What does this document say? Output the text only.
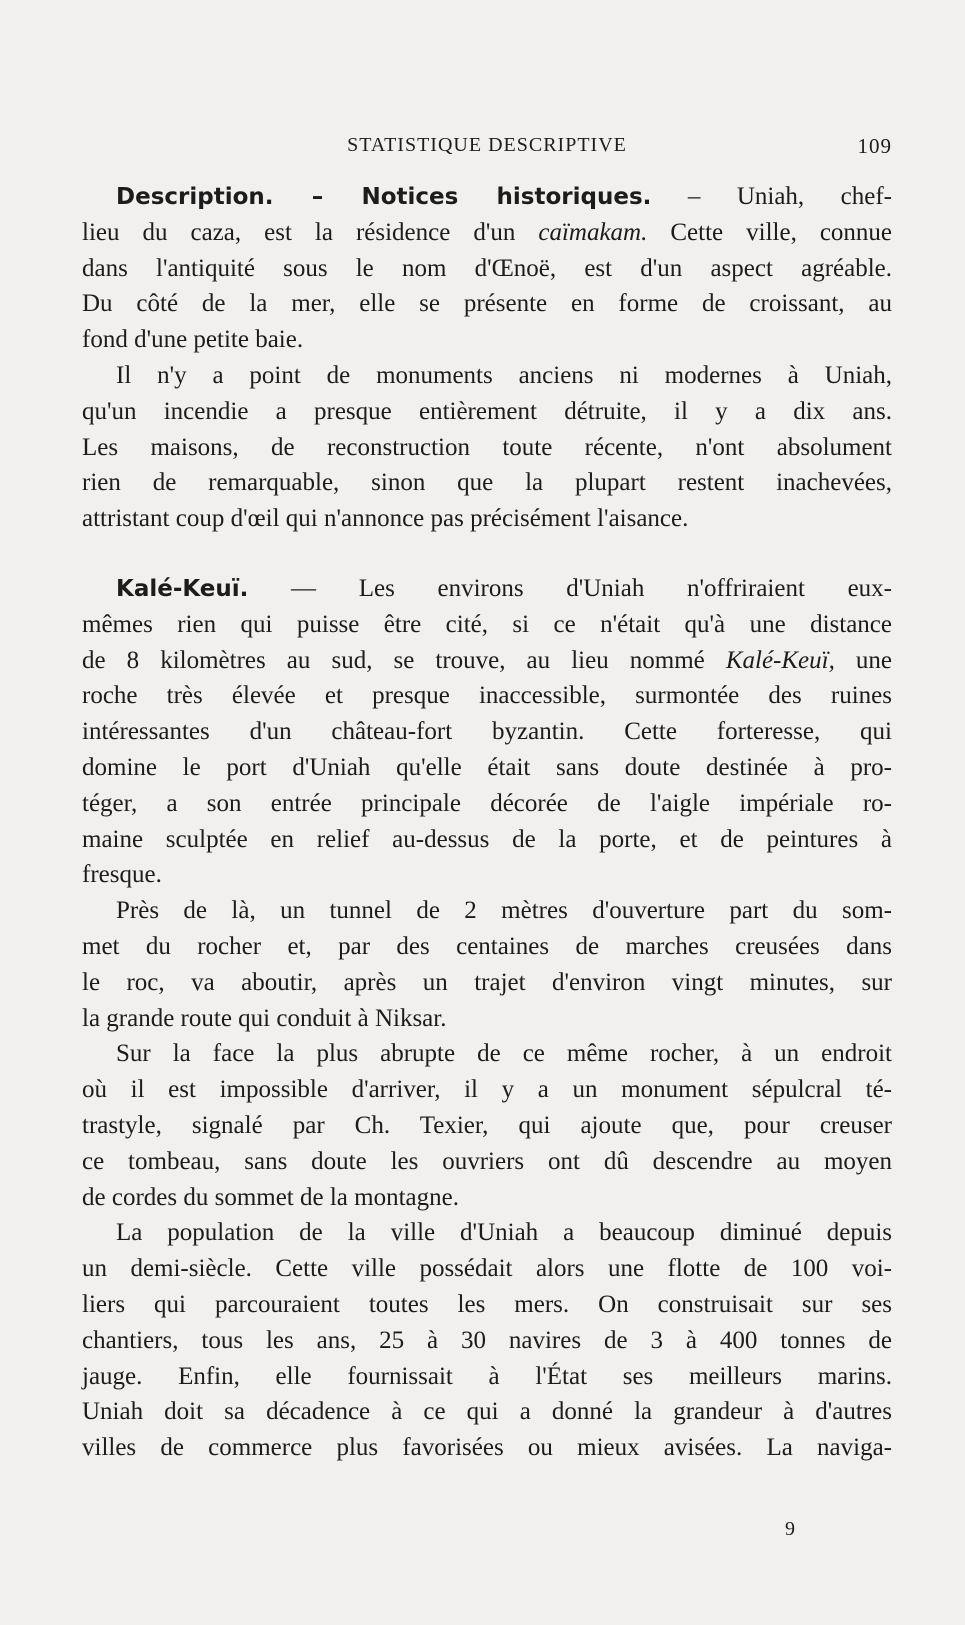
STATISTIQUE DESCRIPTIVE	109
Description. – Notices historiques. – Uniah, chef-
lieu du caza, est la résidence d'un caïmakam. Cette ville, connue
dans l'antiquité sous le nom d'Œnoë, est d'un aspect agréable.
Du côté de la mer, elle se présente en forme de croissant, au
fond d'une petite baie.
Il n'y a point de monuments anciens ni modernes à Uniah,
qu'un incendie a presque entièrement détruite, il y a dix ans.
Les maisons, de reconstruction toute récente, n'ont absolument
rien de remarquable, sinon que la plupart restent inachevées,
attristant coup d'œil qui n'annonce pas précisément l'aisance.
Kalé-Keuï. — Les environs d'Uniah n'offriraient eux-
mêmes rien qui puisse être cité, si ce n'était qu'à une distance
de 8 kilomètres au sud, se trouve, au lieu nommé Kalé-Keuï, une
roche très élevée et presque inaccessible, surmontée des ruines
intéressantes d'un château-fort byzantin. Cette forteresse, qui
domine le port d'Uniah qu'elle était sans doute destinée à pro-
téger, a son entrée principale décorée de l'aigle impériale ro-
maine sculptée en relief au-dessus de la porte, et de peintures à
fresque.
Près de là, un tunnel de 2 mètres d'ouverture part du som-
met du rocher et, par des centaines de marches creusées dans
le roc, va aboutir, après un trajet d'environ vingt minutes, sur
la grande route qui conduit à Niksar.
Sur la face la plus abrupte de ce même rocher, à un endroit
où il est impossible d'arriver, il y a un monument sépulcral té-
trastyle, signalé par Ch. Texier, qui ajoute que, pour creuser
ce tombeau, sans doute les ouvriers ont dû descendre au moyen
de cordes du sommet de la montagne.
La population de la ville d'Uniah a beaucoup diminué depuis
un demi-siècle. Cette ville possédait alors une flotte de 100 voi-
liers qui parcouraient toutes les mers. On construisait sur ses
chantiers, tous les ans, 25 à 30 navires de 3 à 400 tonnes de
jauge. Enfin, elle fournissait à l'État ses meilleurs marins.
Uniah doit sa décadence à ce qui a donné la grandeur à d'autres
villes de commerce plus favorisées ou mieux avisées. La naviga-
9
